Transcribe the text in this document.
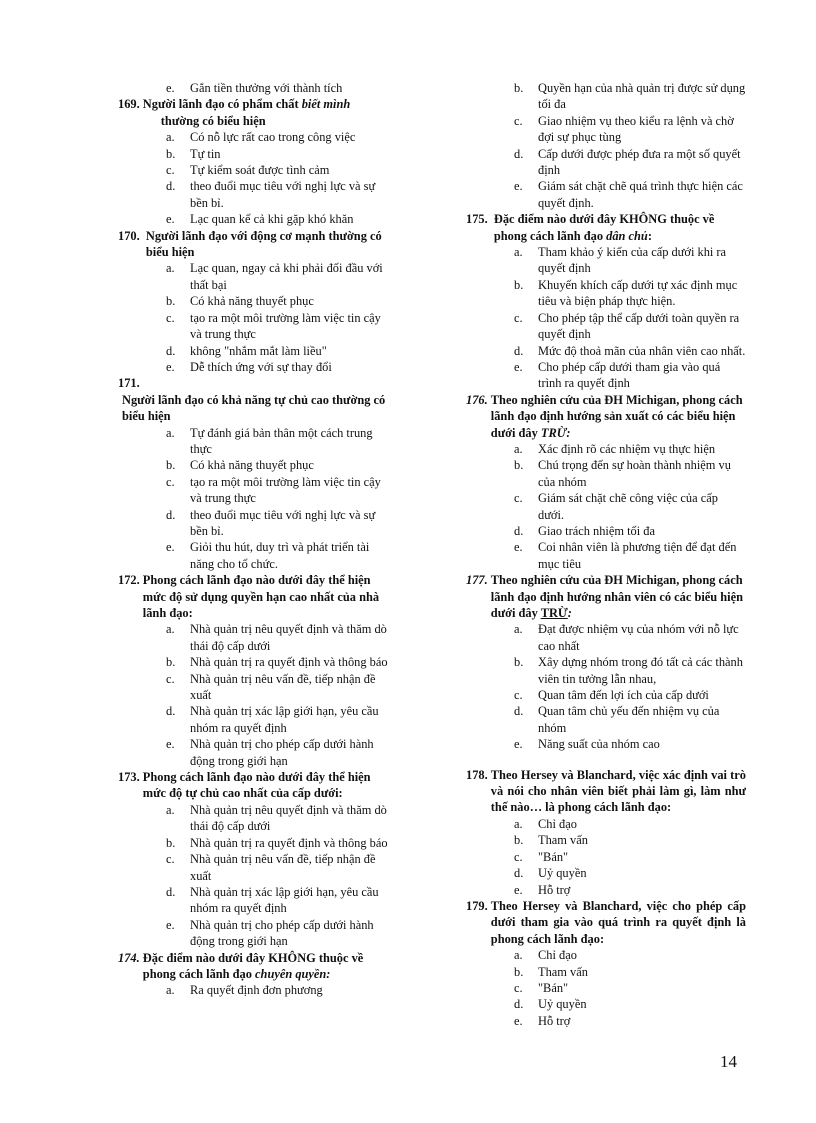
e.	Gắn tiền thưởng với thành tích
169.
Người lãnh đạo có phẩm chất biết mình
thường có biểu hiện
a.	Có nỗ lực rất cao trong công việc
b.	Tự tin
c.	Tự kiểm soát được tình cảm
d.	theo đuổi mục tiêu với nghị lực và sự bền bỉ.
e.	Lạc quan kể cả khi gặp khó khăn
170.
Người lãnh đạo với động cơ mạnh thường có biểu hiện
a.	Lạc quan, ngay cả khi phải đối đầu với thất bại
b.	Có khả năng thuyết phục
c.	tạo ra một môi trường làm việc tin cậy và trung thực
d.	không "nhắm mắt làm liều"
e.	Dễ thích ứng với sự thay đổi
171.
Người lãnh đạo có khả năng tự chủ cao thường có biểu hiện
a.	Tự đánh giá bản thân một cách trung thực
b.	Có khả năng thuyết phục
c.	tạo ra một môi trường làm việc tin cậy và trung thực
d.	theo đuổi mục tiêu với nghị lực và sự bền bỉ.
e.	Giỏi thu hút, duy trì và phát triển tài năng cho tổ chức.
172.
Phong cách lãnh đạo nào dưới đây thể hiện mức độ sử dụng quyền hạn cao nhất của nhà lãnh đạo:
a.	Nhà quản trị nêu quyết định và thăm dò thái độ cấp dưới
b.	Nhà quản trị ra quyết định và thông báo
c.	Nhà quản trị nêu vấn đề, tiếp nhận đề xuất
d.	Nhà quản trị xác lập giới hạn, yêu cầu nhóm ra quyết định
e.	Nhà quản trị cho phép cấp dưới hành động trong giới hạn
173.
Phong cách lãnh đạo nào dưới đây thể hiện mức độ tự chủ cao nhất của cấp dưới:
a.	Nhà quản trị nêu quyết định và thăm dò thái độ cấp dưới
b.	Nhà quản trị ra quyết định và thông báo
c.	Nhà quản trị nêu vấn đề, tiếp nhận đề xuất
d.	Nhà quản trị xác lập giới hạn, yêu cầu nhóm ra quyết định
e.	Nhà quản trị cho phép cấp dưới hành động trong giới hạn
174.
Đặc điểm nào dưới đây KHÔNG thuộc về phong cách lãnh đạo chuyên quyền:
a.	Ra quyết định đơn phương
b.	Quyền hạn của nhà quản trị được sử dụng tối đa
c.	Giao nhiệm vụ theo kiểu ra lệnh và chờ đợi sự phục tùng
d.	Cấp dưới được phép đưa ra một số quyết định
e.	Giám sát chặt chẽ quá trình thực hiện các quyết định.
175.
Đặc điểm nào dưới đây KHÔNG thuộc về phong cách lãnh đạo dân chủ:
a.	Tham khảo ý kiến của cấp dưới khi ra quyết định
b.	Khuyến khích cấp dưới tự xác định mục tiêu và biện pháp thực hiện.
c.	Cho phép tập thể cấp dưới toàn quyền ra quyết định
d.	Mức độ thoả mãn của nhân viên cao nhất.
e.	Cho phép cấp dưới tham gia vào quá trình ra quyết định
176.
Theo nghiên cứu của ĐH Michigan, phong cách lãnh đạo định hướng sản xuất có các biểu hiện dưới đây TRỪ:
a.	Xác định rõ các nhiệm vụ thực hiện
b.	Chú trọng đến sự hoàn thành nhiệm vụ của nhóm
c.	Giám sát chặt chẽ công việc của cấp dưới.
d.	Giao trách nhiệm tối đa
e.	Coi nhân viên là phương tiện để đạt đến mục tiêu
177.
Theo nghiên cứu của ĐH Michigan, phong cách lãnh đạo định hướng nhân viên có các biểu hiện dưới đây TRỪ:
a.	Đạt được nhiệm vụ của nhóm với nỗ lực cao nhất
b.	Xây dựng nhóm trong đó tất cả các thành viên tin tưởng lẫn nhau,
c.	Quan tâm đến lợi ích của cấp dưới
d.	Quan tâm chủ yếu đến nhiệm vụ của nhóm
e.	Năng suất của nhóm cao
178.
Theo Hersey và Blanchard, việc xác định vai trò và nói cho nhân viên biết phải làm gì, làm như thế nào… là phong cách lãnh đạo:
a.	Chỉ đạo
b.	Tham vấn
c.	"Bán"
d.	Uỷ quyền
e.	Hỗ trợ
179.
Theo Hersey và Blanchard, việc cho phép cấp dưới tham gia vào quá trình ra quyết định là phong cách lãnh đạo:
a.	Chỉ đạo
b.	Tham vấn
c.	"Bán"
d.	Uỷ quyền
e.	Hỗ trợ
14
